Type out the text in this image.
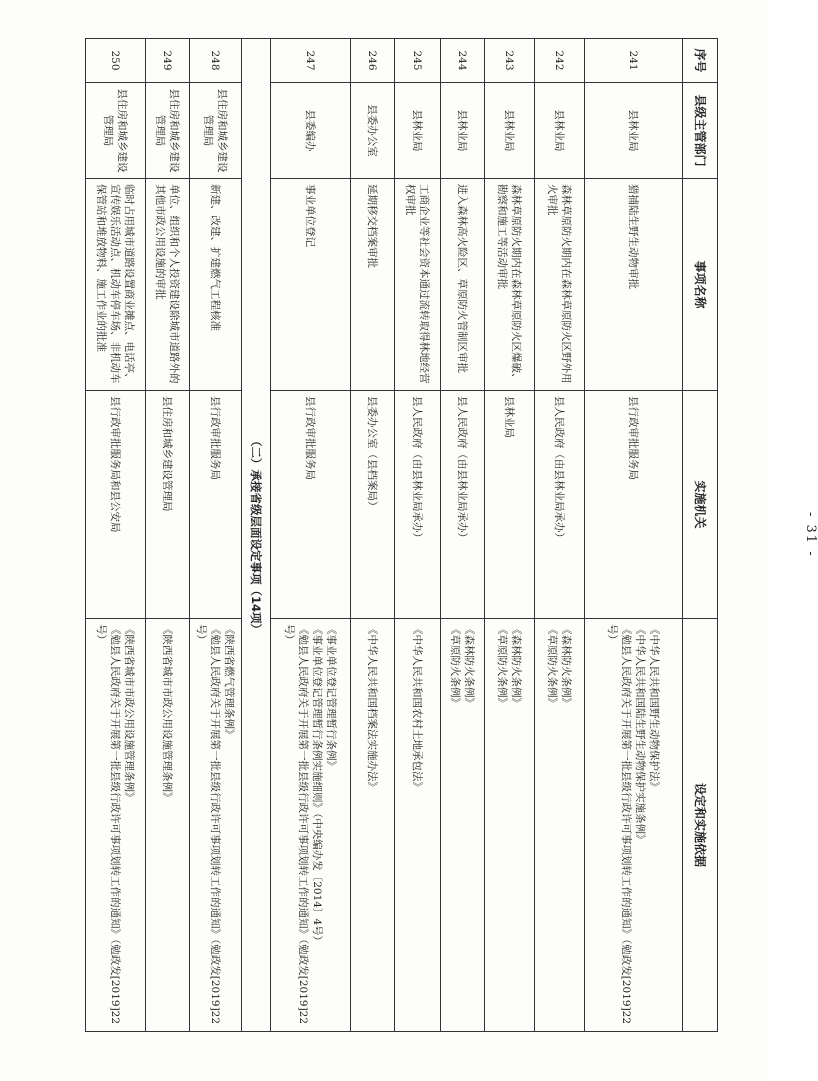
- 31 -
序号	县级主管部门	事项名称	实施机关	设定和实施依据
241	县林业局	猎捕陆生野生动物审批	县行政审批服务局	《中华人民共和国野生动物保护法》
《中华人民共和国陆生野生动物保护实施条例》
《勉县人民政府关于开展第一批县级行政许可事项划转工作的通知》（勉政发[2019]22号）

242	县林业局	森林草原防火期内在森林草原防火区野外用火审批	县人民政府（由县林业局承办）	《森林防火条例》
《草原防火条例》

243	县林业局	森林草原防火期内在森林草原防火区爆破、勘察和施工等活动审批	县林业局	《森林防火条例》
《草原防火条例》

244	县林业局	进入森林高火险区、草原防火管制区审批	县人民政府（由县林业局承办）	《森林防火条例》
《草原防火条例》

245	县林业局	工商企业等社会资本通过流转取得林地经营权审批	县人民政府（由县林业局承办）	《中华人民共和国农村土地承包法》

246	县委办公室	延期移交档案审批	县委办公室（县档案局）	《中华人民共和国档案法实施办法》

247	县委编办	事业单位登记	县行政审批服务局	《事业单位登记管理暂行条例》
《事业单位登记管理暂行条例实施细则》（中央编办发〔2014〕4号）
《勉县人民政府关于开展第一批县级行政许可事项划转工作的通知》（勉政发[2019]22号）

（二）承接省级层面设定事项（14项）				
248	县住房和城乡建设管理局	新建、改建、扩建燃气工程核准	县行政审批服务局	《陕西省燃气管理条例》
《勉县人民政府关于开展第一批县级行政许可事项划转工作的通知》（勉政发[2019]22号）

249	县住房和城乡建设管理局	单位、组织和个人投资建设除城市道路外的其他市政公用设施的审批	县住房和城乡建设管理局	《陕西省城市市政公用设施管理条例》

250	县住房和城乡建设管理局	临时占用城市道路设置商业摊点、电话亭、宣传娱乐活动点、机动车停车场、非机动车保管站和堆放物料、施工作业的批准	县行政审批服务局和县公安局	《陕西省城市市政公用设施管理条例》
《勉县人民政府关于开展第一批县级行政许可事项划转工作的通知》（勉政发[2019]22号）
